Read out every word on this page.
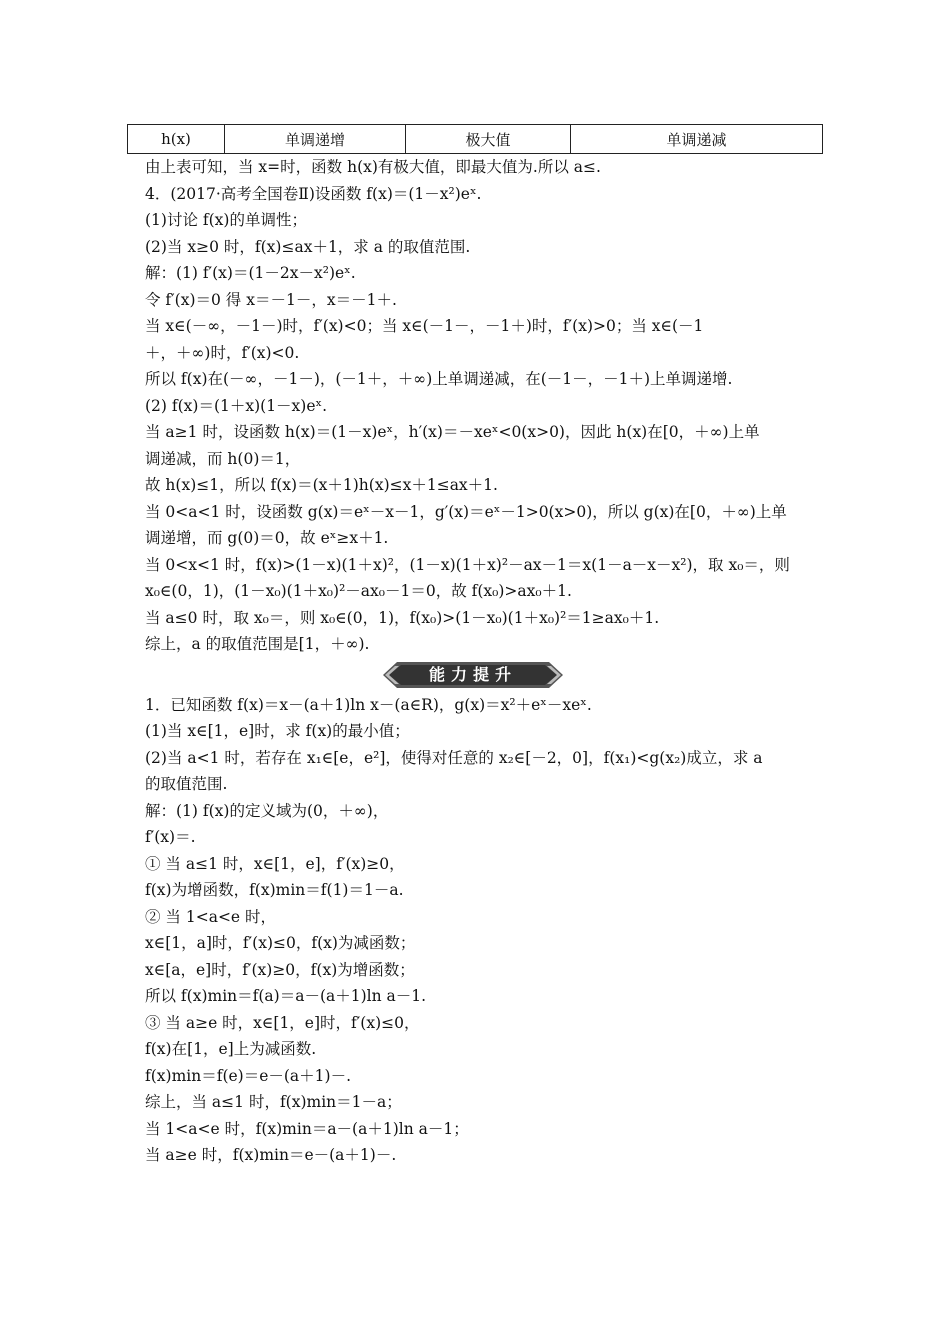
h(x)	单调递增	极大值	单调递减
由上表可知，当 x=时，函数 h(x)有极大值，即最大值为.所以 a≤.
4．(2017·高考全国卷Ⅱ)设函数 f(x)＝(1－x²)eˣ.
(1)讨论 f(x)的单调性；
(2)当 x≥0 时，f(x)≤ax＋1，求 a 的取值范围.
解：(1) f′(x)＝(1－2x－x²)eˣ.
令 f′(x)＝0 得 x＝－1－，x＝－1＋.
当 x∈(－∞，－1－)时，f′(x)<0；当 x∈(－1－，－1＋)时，f′(x)>0；当 x∈(－1
＋，＋∞)时，f′(x)<0.
所以 f(x)在(－∞，－1－)，(－1＋，＋∞)上单调递减，在(－1－，－1＋)上单调递增.
(2) f(x)＝(1＋x)(1－x)eˣ.
当 a≥1 时，设函数 h(x)＝(1－x)eˣ，h′(x)＝－xeˣ<0(x>0)，因此 h(x)在[0，＋∞)上单
调递减，而 h(0)＝1，
故 h(x)≤1，所以 f(x)＝(x＋1)h(x)≤x＋1≤ax＋1.
当 0<a<1 时，设函数 g(x)＝eˣ－x－1，g′(x)＝eˣ－1>0(x>0)，所以 g(x)在[0，＋∞)上单
调递增，而 g(0)＝0，故 eˣ≥x＋1.
当 0<x<1 时，f(x)>(1－x)(1＋x)²，(1－x)(1＋x)²－ax－1＝x(1－a－x－x²)，取 x₀＝，则
x₀∈(0，1)，(1－x₀)(1＋x₀)²－ax₀－1＝0，故 f(x₀)>ax₀＋1.
当 a≤0 时，取 x₀＝，则 x₀∈(0，1)，f(x₀)>(1－x₀)(1＋x₀)²＝1≥ax₀＋1.
综上，a 的取值范围是[1，＋∞).
能力提升
1．已知函数 f(x)＝x－(a＋1)ln x－(a∈R)，g(x)＝x²＋eˣ－xeˣ.
(1)当 x∈[1，e]时，求 f(x)的最小值；
(2)当 a<1 时，若存在 x₁∈[e，e²]，使得对任意的 x₂∈[－2，0]，f(x₁)<g(x₂)成立，求 a
的取值范围.
解：(1) f(x)的定义域为(0，＋∞)，
f′(x)＝.
① 当 a≤1 时，x∈[1，e]，f′(x)≥0，
f(x)为增函数，f(x)min＝f(1)＝1－a.
② 当 1<a<e 时，
x∈[1，a]时，f′(x)≤0，f(x)为减函数；
x∈[a，e]时，f′(x)≥0，f(x)为增函数；
所以 f(x)min＝f(a)＝a－(a＋1)ln a－1.
③ 当 a≥e 时，x∈[1，e]时，f′(x)≤0，
f(x)在[1，e]上为减函数.
f(x)min＝f(e)＝e－(a＋1)－.
综上，当 a≤1 时，f(x)min＝1－a；
当 1<a<e 时，f(x)min＝a－(a＋1)ln a－1；
当 a≥e 时，f(x)min＝e－(a＋1)－.
